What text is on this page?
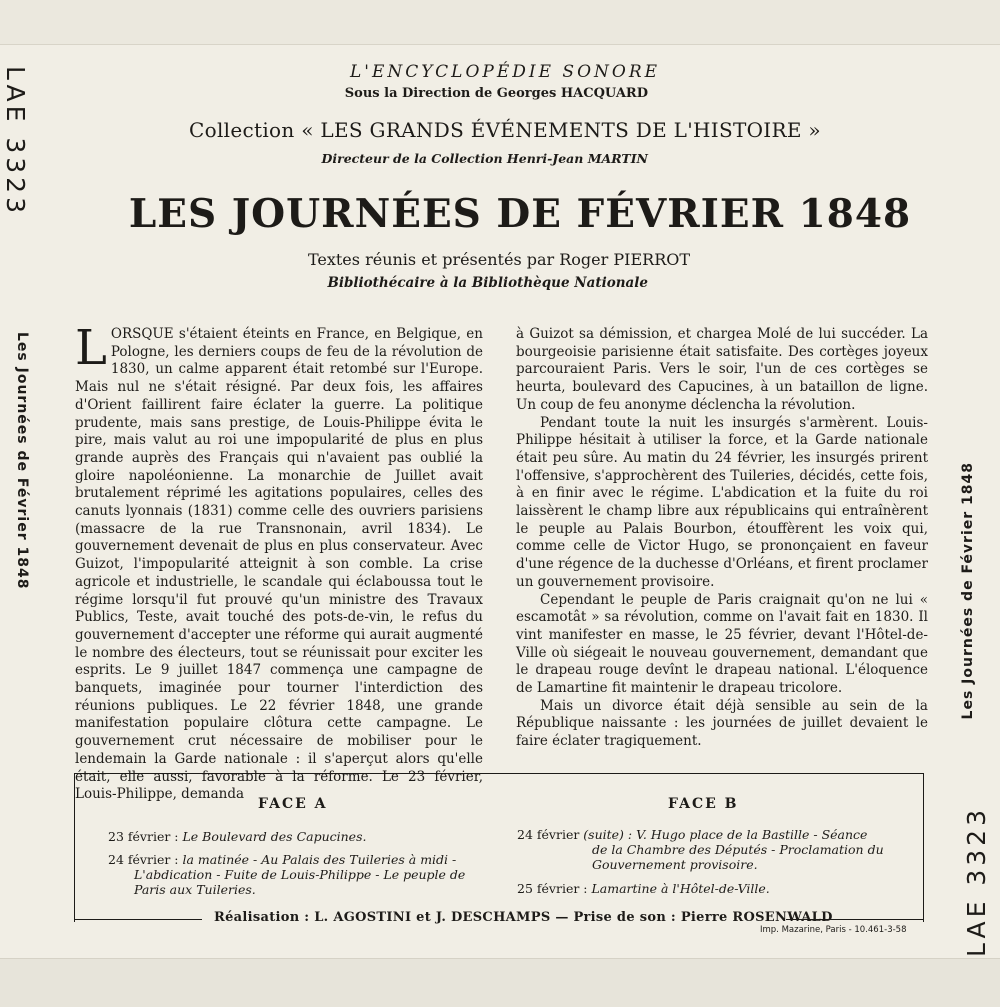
LAE 3323
Les Journées de Février 1848
Les Journées de Février 1848
LAE 3323
L'ENCYCLOPÉDIE SONORE
Sous la Direction de Georges HACQUARD
Collection « LES GRANDS ÉVÉNEMENTS DE L'HISTOIRE »
Directeur de la Collection Henri-Jean MARTIN
LES JOURNÉES DE FÉVRIER 1848
Textes réunis et présentés par Roger PIERROT
Bibliothécaire à la Bibliothèque Nationale

LORSQUE s'étaient éteints en France, en Belgique, en Pologne, les derniers coups de feu de la révolution de 1830, un calme apparent était retombé sur l'Europe. Mais nul ne s'était résigné. Par deux fois, les affaires d'Orient faillirent faire éclater la guerre. La politique prudente, mais sans prestige, de Louis-Philippe évita le pire, mais valut au roi une impopularité de plus en plus grande auprès des Français qui n'avaient pas oublié la gloire napoléonienne. La monarchie de Juillet avait brutalement réprimé les agitations populaires, celles des canuts lyonnais (1831) comme celle des ouvriers parisiens (massacre de la rue Transnonain, avril 1834). Le gouvernement devenait de plus en plus conservateur. Avec Guizot, l'impopularité atteignit à son comble. La crise agricole et industrielle, le scandale qui éclaboussa tout le régime lorsqu'il fut prouvé qu'un ministre des Travaux Publics, Teste, avait touché des pots-de-vin, le refus du gouvernement d'accepter une réforme qui aurait augmenté le nombre des électeurs, tout se réunissait pour exciter les esprits. Le 9 juillet 1847 commença une campagne de banquets, imaginée pour tourner l'interdiction des réunions publiques. Le 22 février 1848, une grande manifestation populaire clôtura cette campagne. Le gouvernement crut nécessaire de mobiliser pour le lendemain la Garde nationale : il s'aperçut alors qu'elle était, elle aussi, favorable à la réforme. Le 23 février, Louis-Philippe, demanda

à Guizot sa démission, et chargea Molé de lui succéder. La bourgeoisie parisienne était satisfaite. Des cortèges joyeux parcouraient Paris. Vers le soir, l'un de ces cortèges se heurta, boulevard des Capucines, à un bataillon de ligne. Un coup de feu anonyme déclencha la révolution.

Pendant toute la nuit les insurgés s'armèrent. Louis-Philippe hésitait à utiliser la force, et la Garde nationale était peu sûre. Au matin du 24 février, les insurgés prirent l'offensive, s'approchèrent des Tuileries, décidés, cette fois, à en finir avec le régime. L'abdication et la fuite du roi laissèrent le champ libre aux républicains qui entraînèrent le peuple au Palais Bourbon, étouffèrent les voix qui, comme celle de Victor Hugo, se prononçaient en faveur d'une régence de la duchesse d'Orléans, et firent proclamer un gouvernement provisoire.

Cependant le peuple de Paris craignait qu'on ne lui « escamotât » sa révolution, comme on l'avait fait en 1830. Il vint manifester en masse, le 25 février, devant l'Hôtel-de-Ville où siégeait le nouveau gouvernement, demandant que le drapeau rouge devînt le drapeau national. L'éloquence de Lamartine fit maintenir le drapeau tricolore.

Mais un divorce était déjà sensible au sein de la République naissante : les journées de juillet devaient le faire éclater tragiquement.

FACE A	FACE B
23 février : Le Boulevard des Capucines.
24 février : la matinée - Au Palais des Tuileries à midi -
L'abdication - Fuite de Louis-Philippe - Le peuple de Paris aux Tuileries.
24 février (suite) : V. Hugo place de la Bastille - Séance
de la Chambre des Députés - Proclamation du Gouvernement provisoire.
25 février : Lamartine à l'Hôtel-de-Ville.
Réalisation : L. AGOSTINI et J. DESCHAMPS — Prise de son : Pierre ROSENWALD
Imp. Mazarine, Paris - 10.461-3-58
